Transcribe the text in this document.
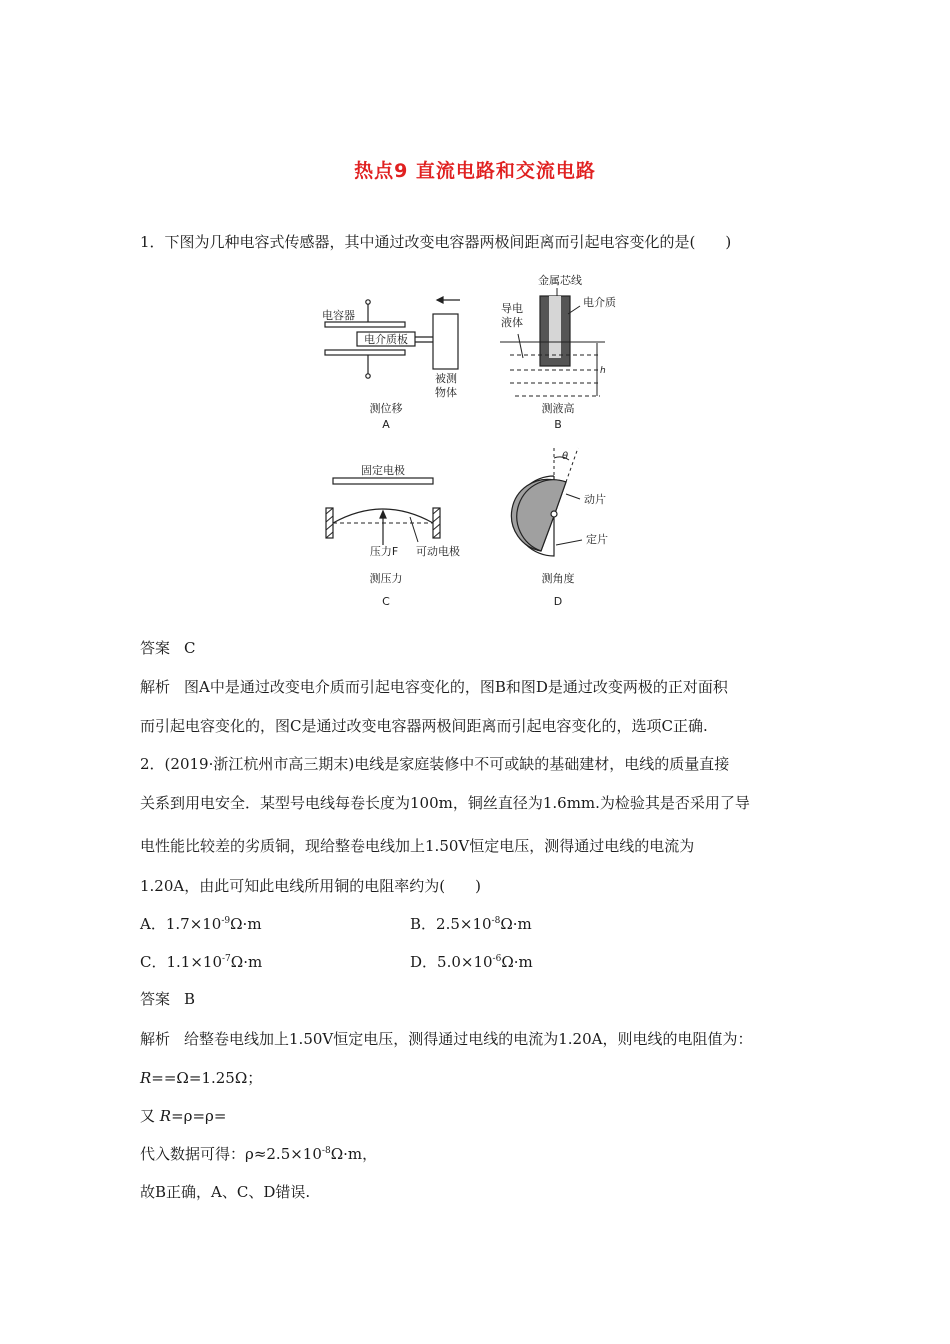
热点9 直流电路和交流电路
1．下图为几种电容式传感器，其中通过改变电容器两极间距离而引起电容变化的是(　　)
电容器
电介质板
被测
物体
测位移
A
金属芯线
电介质
导电
液体
h
测液高
B
固定电极
压力F 可动电极
测压力
C
θ
动片
定片
测角度
D
答案 C
解析 图A中是通过改变电介质而引起电容变化的，图B和图D是通过改变两极的正对面积
而引起电容变化的，图C是通过改变电容器两极间距离而引起电容变化的，选项C正确.
2．(2019·浙江杭州市高三期末)电线是家庭装修中不可或缺的基础建材，电线的质量直接
关系到用电安全．某型号电线每卷长度为100m，铜丝直径为1.6mm.为检验其是否采用了导
电性能比较差的劣质铜，现给整卷电线加上1.50V恒定电压，测得通过电线的电流为
1.20A，由此可知此电线所用铜的电阻率约为(　　)
A．$1.7\times 10^{-9}\Omega\cdot m$	B．$2.5\times 10^{-8}\Omega\cdot m$
C．$1.1\times 10^{-7}\Omega\cdot m$	D．$5.0\times 10^{-6}\Omega\cdot m$
答案 B
解析 给整卷电线加上1.50V恒定电压，测得通过电线的电流为1.20A，则电线的电阻值为：
R==Ω=1.25Ω；
又 R=ρ=ρ=
代入数据可得：$\rho\approx 2.5\times 10^{-8}\Omega\cdot m$，
故B正确，A、C、D错误.
